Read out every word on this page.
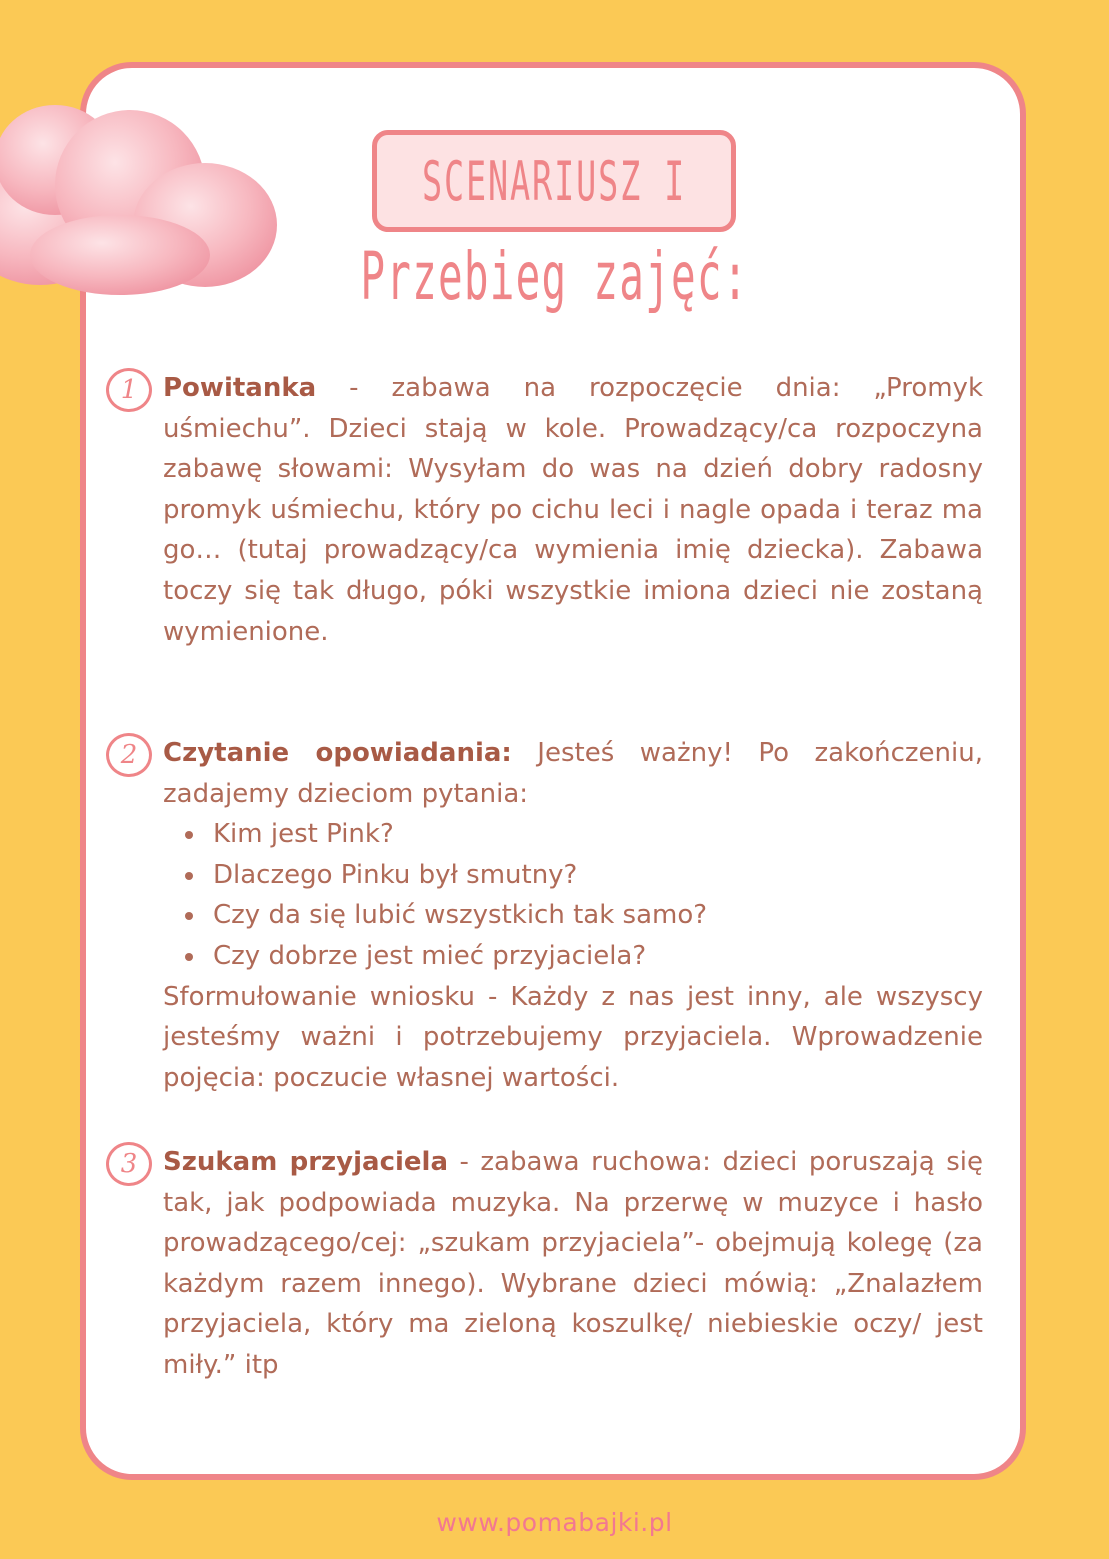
SCENARIUSZ I
Przebieg zajęć:
1 Powitanka - zabawa na rozpoczęcie dnia: „Promyk uśmiechu”. Dzieci stają w kole. Prowadzący/ca rozpoczyna zabawę słowami: Wysyłam do was na dzień dobry radosny promyk uśmiechu, który po cichu leci i nagle opada i teraz ma go… (tutaj prowadzący/ca wymienia imię dziecka). Zabawa toczy się tak długo, póki wszystkie imiona dzieci nie zostaną wymienione.

2 Czytanie opowiadania: Jesteś ważny! Po zakończeniu, zadajemy dzieciom pytania:

Kim jest Pink?
Dlaczego Pinku był smutny?
Czy da się lubić wszystkich tak samo?
Czy dobrze jest mieć przyjaciela?

Sformułowanie wniosku - Każdy z nas jest inny, ale wszyscy jesteśmy ważni i potrzebujemy przyjaciela. Wprowadzenie pojęcia: poczucie własnej wartości.

3 Szukam przyjaciela - zabawa ruchowa: dzieci poruszają się tak, jak podpowiada muzyka. Na przerwę w muzyce i hasło prowadzącego/cej: „szukam przyjaciela”- obejmują kolegę (za każdym razem innego). Wybrane dzieci mówią: „Znalazłem przyjaciela, który ma zieloną koszulkę/ niebieskie oczy/ jest miły.” itp

www.pomabajki.pl
